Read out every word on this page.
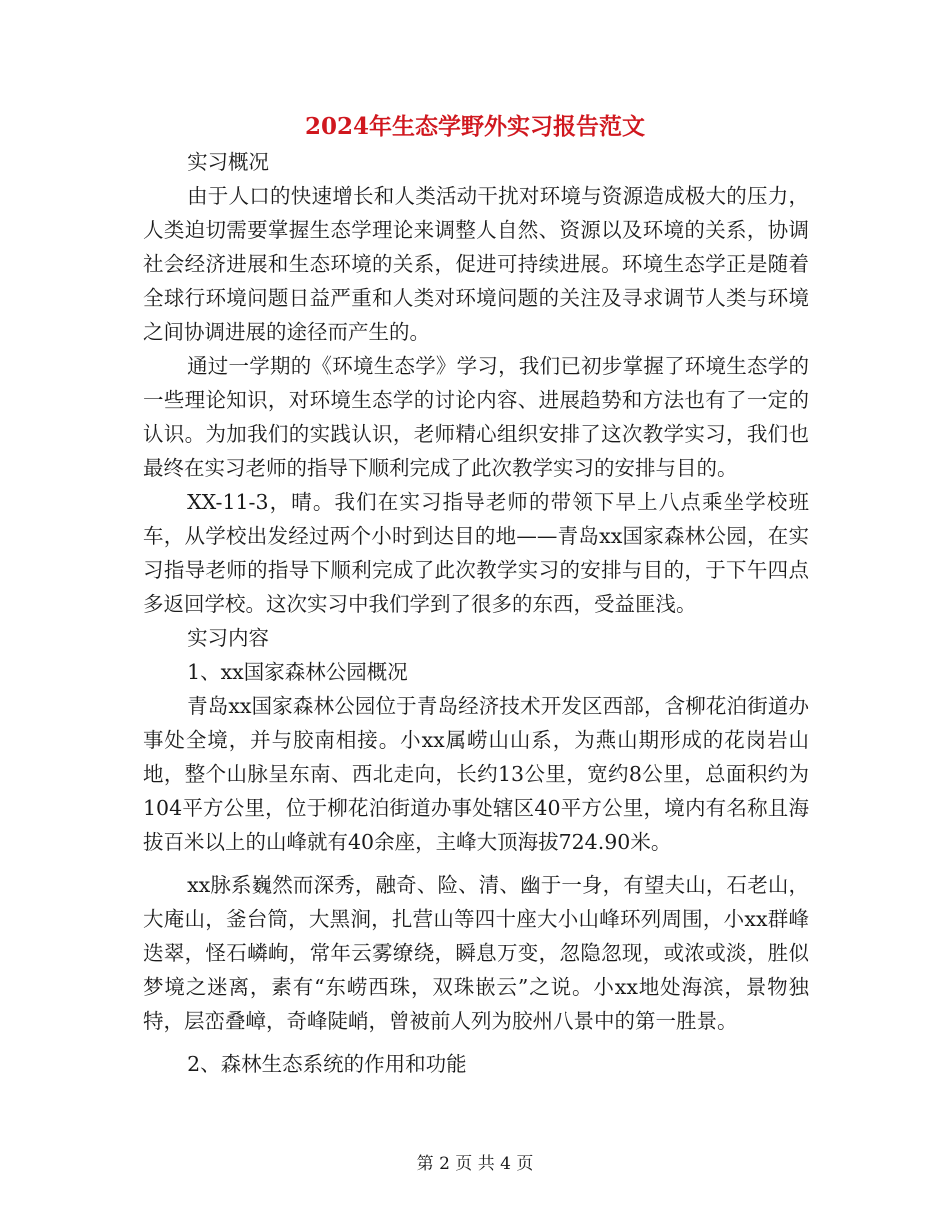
2024年生态学野外实习报告范文

实习概况

由于人口的快速增长和人类活动干扰对环境与资源造成极大的压力，人类迫切需要掌握生态学理论来调整人自然、资源以及环境的关系，协调社会经济进展和生态环境的关系，促进可持续进展。环境生态学正是随着全球行环境问题日益严重和人类对环境问题的关注及寻求调节人类与环境之间协调进展的途径而产生的。

通过一学期的《环境生态学》学习，我们已初步掌握了环境生态学的一些理论知识，对环境生态学的讨论内容、进展趋势和方法也有了一定的认识。为加我们的实践认识，老师精心组织安排了这次教学实习，我们也最终在实习老师的指导下顺利完成了此次教学实习的安排与目的。

XX-11-3，晴。我们在实习指导老师的带领下早上八点乘坐学校班车，从学校出发经过两个小时到达目的地——青岛xx国家森林公园，在实习指导老师的指导下顺利完成了此次教学实习的安排与目的，于下午四点多返回学校。这次实习中我们学到了很多的东西，受益匪浅。

实习内容

1、xx国家森林公园概况

青岛xx国家森林公园位于青岛经济技术开发区西部，含柳花泊街道办事处全境，并与胶南相接。小xx属崂山山系，为燕山期形成的花岗岩山地，整个山脉呈东南、西北走向，长约13公里，宽约8公里，总面积约为104平方公里，位于柳花泊街道办事处辖区40平方公里，境内有名称且海拔百米以上的山峰就有40余座，主峰大顶海拔724.90米。

xx脉系巍然而深秀，融奇、险、清、幽于一身，有望夫山，石老山，大庵山，釜台筒，大黑涧，扎营山等四十座大小山峰环列周围，小xx群峰迭翠，怪石嶙峋，常年云雾缭绕，瞬息万变，忽隐忽现，或浓或淡，胜似梦境之迷离，素有“东崂西珠，双珠嵌云”之说。小xx地处海滨，景物独特，层峦叠嶂，奇峰陡峭，曾被前人列为胶州八景中的第一胜景。

2、森林生态系统的作用和功能

第 2 页 共 4 页
